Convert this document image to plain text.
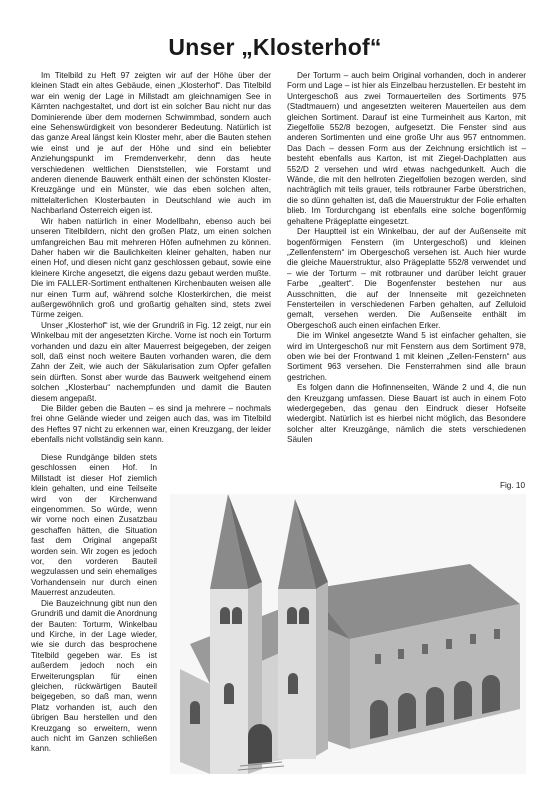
Unser „Klosterhof“

Im Titelbild zu Heft 97 zeigten wir auf der Höhe über der kleinen Stadt ein altes Gebäude, einen „Klosterhof“. Das Titelbild war ein wenig der Lage in Millstadt am gleichnamigen See in Kärnten nachgestaltet, und dort ist ein solcher Bau nicht nur das Dominierende über dem modernen Schwimmbad, sondern auch eine Sehenswürdigkeit von besonderer Bedeutung. Natürlich ist das ganze Areal längst kein Kloster mehr, aber die Bauten stehen wie einst und je auf der Höhe und sind ein beliebter Anziehungspunkt im Fremdenverkehr, denn das heute verschiedenen weltlichen Dienststellen, wie Forstamt und anderen dienende Bauwerk enthält einen der schönsten Kloster-Kreuzgänge und ein Münster, wie das eben solchen alten, mittelalterlichen Klosterbauten in Deutschland wie auch im Nachbarland Österreich eigen ist.

Wir haben natürlich in einer Modellbahn, ebenso auch bei unseren Titelbildern, nicht den großen Platz, um einen solchen umfangreichen Bau mit mehreren Höfen aufnehmen zu können. Daher haben wir die Baulichkeiten kleiner gehalten, haben nur einen Hof, und diesen nicht ganz geschlossen gebaut, sowie eine kleinere Kirche angesetzt, die eigens dazu gebaut werden mußte. Die im FALLER-Sortiment enthaltenen Kirchenbauten weisen alle nur einen Turm auf, während solche Klosterkirchen, die meist außergewöhnlich groß und großartig gehalten sind, stets zwei Türme zeigen.

Unser „Klosterhof“ ist, wie der Grundriß in Fig. 12 zeigt, nur ein Winkelbau mit der angesetzten Kirche. Vorne ist noch ein Torturm vorhanden und dazu ein alter Mauerrest beigegeben, der zeigen soll, daß einst noch weitere Bauten vorhanden waren, die dem Zahn der Zeit, wie auch der Säkularisation zum Opfer gefallen sein dürften. Sonst aber wurde das Bauwerk weitgehend einem solchen „Klosterbau“ nachempfunden und damit die Bauten diesem angepaßt.

Die Bilder geben die Bauten – es sind ja mehrere – nochmals frei ohne Gelände wieder und zeigen auch das, was im Titelbild des Heftes 97 nicht zu erkennen war, einen Kreuzgang, der leider ebenfalls nicht vollständig sein kann.

Diese Rundgänge bilden stets geschlossen einen Hof. In Millstadt ist dieser Hof ziemlich klein gehalten, und eine Teilseite wird von der Kirchenwand eingenommen. So würde, wenn wir vorne noch einen Zusatzbau geschaffen hätten, die Situation fast dem Original angepaßt worden sein. Wir zogen es jedoch vor, den vorderen Bauteil wegzulassen und sein ehemaliges Vorhandensein nur durch einen Mauerrest anzudeuten.

Die Bauzeichnung gibt nun den Grundriß und damit die Anordnung der Bauten: Torturm, Winkelbau und Kirche, in der Lage wieder, wie sie durch das besprochene Titelbild gegeben war. Es ist außerdem jedoch noch ein Erweiterungsplan für einen gleichen, rückwärtigen Bauteil beigegeben, so daß man, wenn Platz vorhanden ist, auch den übrigen Bau herstellen und den Kreuzgang so erweitern, wenn auch nicht im Ganzen schließen kann.

Der Torturm – auch beim Original vorhanden, doch in anderer Form und Lage – ist hier als Einzelbau herzustellen. Er besteht im Untergeschoß aus zwei Tormauerteilen des Sortiments 975 (Stadtmauern) und angesetzten weiteren Mauerteilen aus dem gleichen Sortiment. Darauf ist eine Turmeinheit aus Karton, mit Ziegelfolie 552/8 bezogen, aufgesetzt. Die Fenster sind aus anderen Sortimenten und eine große Uhr aus 957 entnommen. Das Dach – dessen Form aus der Zeichnung ersichtlich ist – besteht ebenfalls aus Karton, ist mit Ziegel-Dachplatten aus 552/D 2 versehen und wird etwas nachgedunkelt. Auch die Wände, die mit den hellroten Ziegelfolien bezogen werden, sind nachträglich mit teils grauer, teils rotbrauner Farbe überstrichen, die so dünn gehalten ist, daß die Mauerstruktur der Folie erhalten blieb. Im Tordurchgang ist ebenfalls eine solche bogenförmig gehaltene Prägeplatte eingesetzt.

Der Hauptteil ist ein Winkelbau, der auf der Außenseite mit bogenförmigen Fenstern (im Untergeschoß) und kleinen „Zellenfenstern“ im Obergeschoß versehen ist. Auch hier wurde die gleiche Mauerstruktur, also Prägeplatte 552/8 verwendet und – wie der Torturm – mit rotbrauner und darüber leicht grauer Farbe „gealtert“. Die Bogenfenster bestehen nur aus Ausschnitten, die auf der Innenseite mit gezeichneten Fensterteilen in verschiedenen Farben gehalten, auf Zelluloid gemalt, versehen werden. Die Außenseite enthält im Obergeschoß auch einen einfachen Erker.

Die im Winkel angesetzte Wand 5 ist einfacher gehalten, sie wird im Untergeschoß nur mit Fenstern aus dem Sortiment 978, oben wie bei der Frontwand 1 mit kleinen „Zellen-Fenstern“ aus Sortiment 963 versehen. Die Fensterrahmen sind alle braun gestrichen.

Es folgen dann die Hofinnenseiten, Wände 2 und 4, die nun den Kreuzgang umfassen. Diese Bauart ist auch in einem Foto wiedergegeben, das genau den Eindruck dieser Hofseite wiedergibt. Natürlich ist es hierbei nicht möglich, das Besondere solcher alter Kreuzgänge, nämlich die stets verschiedenen Säulen

Fig. 10
